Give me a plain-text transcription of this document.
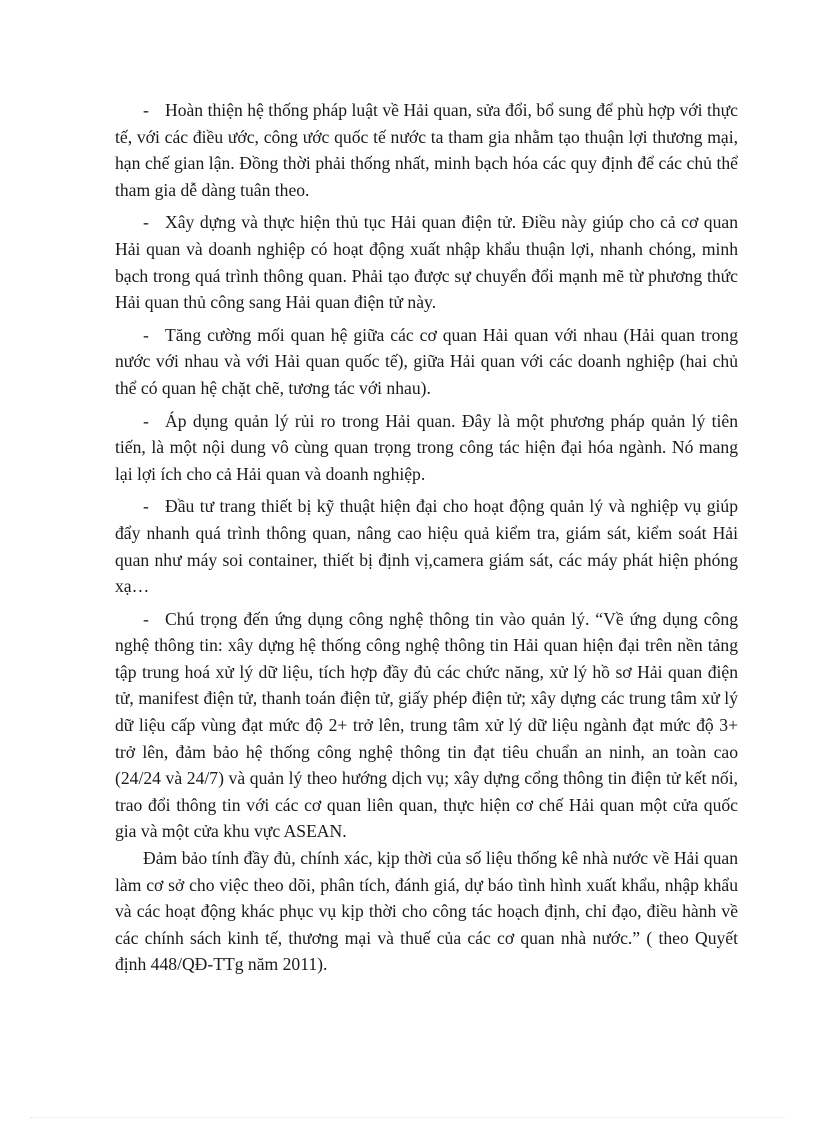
- Hoàn thiện hệ thống pháp luật về Hải quan, sửa đổi, bổ sung để phù hợp với thực tế, với các điều ước, công ước quốc tế nước ta tham gia nhằm tạo thuận lợi thương mại, hạn chế gian lận. Đồng thời phải thống nhất, minh bạch hóa các quy định để các chủ thể tham gia dễ dàng tuân theo.

- Xây dựng và thực hiện thủ tục Hải quan điện tử. Điều này giúp cho cả cơ quan Hải quan và doanh nghiệp có hoạt động xuất nhập khẩu thuận lợi, nhanh chóng, minh bạch trong quá trình thông quan. Phải tạo được sự chuyển đổi mạnh mẽ từ phương thức Hải quan thủ công sang Hải quan điện tử này.

- Tăng cường mối quan hệ giữa các cơ quan Hải quan với nhau (Hải quan trong nước với nhau và với Hải quan quốc tế), giữa Hải quan với các doanh nghiệp (hai chủ thể có quan hệ chặt chẽ, tương tác với nhau).

- Áp dụng quản lý rủi ro trong Hải quan. Đây là một phương pháp quản lý tiên tiến, là một nội dung vô cùng quan trọng trong công tác hiện đại hóa ngành. Nó mang lại lợi ích cho cả Hải quan và doanh nghiệp.

- Đầu tư trang thiết bị kỹ thuật hiện đại cho hoạt động quản lý và nghiệp vụ giúp đẩy nhanh quá trình thông quan, nâng cao hiệu quả kiểm tra, giám sát, kiểm soát Hải quan như máy soi container, thiết bị định vị,camera giám sát, các máy phát hiện phóng xạ…

- Chú trọng đến ứng dụng công nghệ thông tin vào quản lý. “Về ứng dụng công nghệ thông tin: xây dựng hệ thống công nghệ thông tin Hải quan hiện đại trên nền tảng tập trung hoá xử lý dữ liệu, tích hợp đầy đủ các chức năng, xử lý hồ sơ Hải quan điện tử, manifest điện tử, thanh toán điện tử, giấy phép điện tử; xây dựng các trung tâm xử lý dữ liệu cấp vùng đạt mức độ 2+ trở lên, trung tâm xử lý dữ liệu ngành đạt mức độ 3+ trở lên, đảm bảo hệ thống công nghệ thông tin đạt tiêu chuẩn an ninh, an toàn cao (24/24 và 24/7) và quản lý theo hướng dịch vụ; xây dựng cổng thông tin điện tử kết nối, trao đổi thông tin với các cơ quan liên quan, thực hiện cơ chế Hải quan một cửa quốc gia và một cửa khu vực ASEAN.

Đảm bảo tính đầy đủ, chính xác, kịp thời của số liệu thống kê nhà nước về Hải quan làm cơ sở cho việc theo dõi, phân tích, đánh giá, dự báo tình hình xuất khẩu, nhập khẩu và các hoạt động khác phục vụ kịp thời cho công tác hoạch định, chỉ đạo, điều hành về các chính sách kinh tế, thương mại và thuế của các cơ quan nhà nước.” ( theo Quyết định 448/QĐ-TTg năm 2011).
